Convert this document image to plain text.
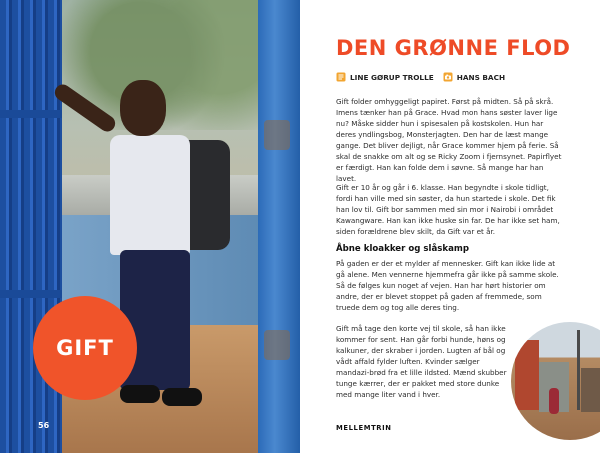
GIFT
56
DEN GRØNNE FLOD
LINE GØRUP TROLLE	HANS BACH

Gift folder omhyggeligt papiret. Først på midten. Så på skrå. Imens tænker han på Grace. Hvad mon hans søster laver lige nu? Måske sidder hun i spisesalen på kostskolen. Hun har deres yndlingsbog, Monsterjagten. Den har de læst mange gange. Det bliver dejligt, når Grace kommer hjem på ferie. Så skal de snakke om alt og se Ricky Zoom i fjernsynet. Papirflyet er færdigt. Han kan folde dem i søvne. Så mange har han lavet.

Gift er 10 år og går i 6. klasse. Han begyndte i skole tidligt, fordi han ville med sin søster, da hun startede i skole. Det fik han lov til. Gift bor sammen med sin mor i Nairobi i området Kawangware. Han kan ikke huske sin far. De har ikke set ham, siden forældrene blev skilt, da Gift var et år.

Åbne kloakker og slåskamp

På gaden er der et mylder af mennesker. Gift kan ikke lide at gå alene. Men vennerne hjemmefra går ikke på samme skole. Så de følges kun noget af vejen. Han har hørt historier om andre, der er blevet stoppet på gaden af fremmede, som truede dem og tog alle deres ting.

Gift må tage den korte vej til skole, så han ikke kommer for sent. Han går forbi hunde, høns og kalkuner, der skraber i jorden. Lugten af bål og vådt affald fylder luften. Kvinder sælger mandazi-brød fra et lille ildsted. Mænd skubber tunge kærrer, der er pakket med store dunke med mange liter vand i hver.

MELLEMTRIN
